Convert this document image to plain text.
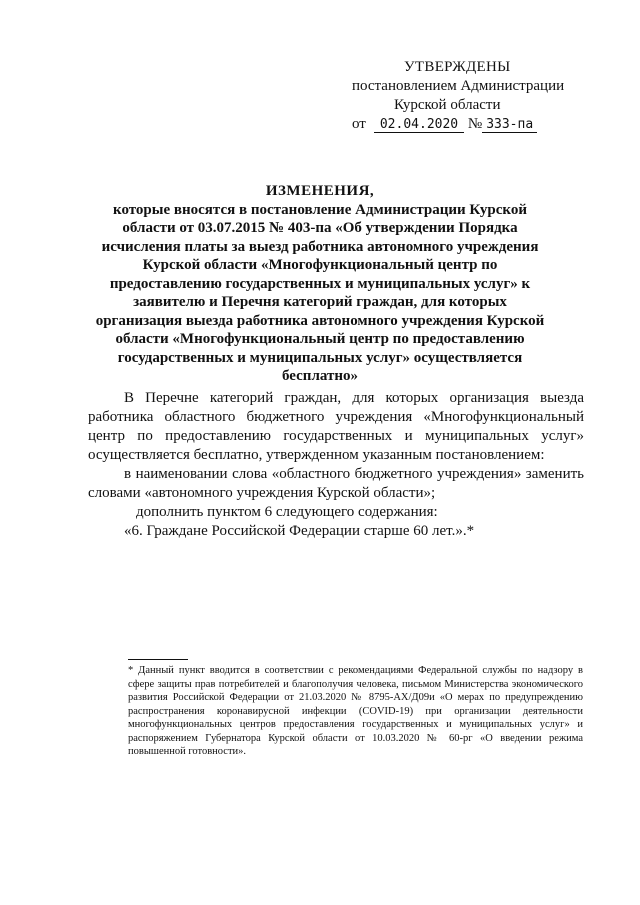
УТВЕРЖДЕНЫ
постановлением Администрации
Курской области
от 02.04.2020 № 333-па
ИЗМЕНЕНИЯ,
которые вносятся в постановление Администрации Курской области от 03.07.2015 № 403-па «Об утверждении Порядка исчисления платы за выезд работника автономного учреждения Курской области «Многофункциональный центр по предоставлению государственных и муниципальных услуг» к заявителю и Перечня категорий граждан, для которых организация выезда работника автономного учреждения Курской области «Многофункциональный центр по предоставлению государственных и муниципальных услуг» осуществляется бесплатно»

В Перечне категорий граждан, для которых организация выезда работника областного бюджетного учреждения «Многофункциональный центр по предоставлению государственных и муниципальных услуг» осуществляется бесплатно, утвержденном указанным постановлением:

в наименовании слова «областного бюджетного учреждения» заменить словами «автономного учреждения Курской области»;

дополнить пунктом 6 следующего содержания:

«6. Граждане Российской Федерации старше 60 лет.».*

* Данный пункт вводится в соответствии с рекомендациями Федеральной службы по надзору в сфере защиты прав потребителей и благополучия человека, письмом Министерства экономического развития Российской Федерации от 21.03.2020 № 8795-АХ/Д09и «О мерах по предупреждению распространения коронавирусной инфекции (COVID-19) при организации деятельности многофункциональных центров предоставления государственных и муниципальных услуг» и распоряжением Губернатора Курской области от 10.03.2020 № 60-рг «О введении режима повышенной готовности».
